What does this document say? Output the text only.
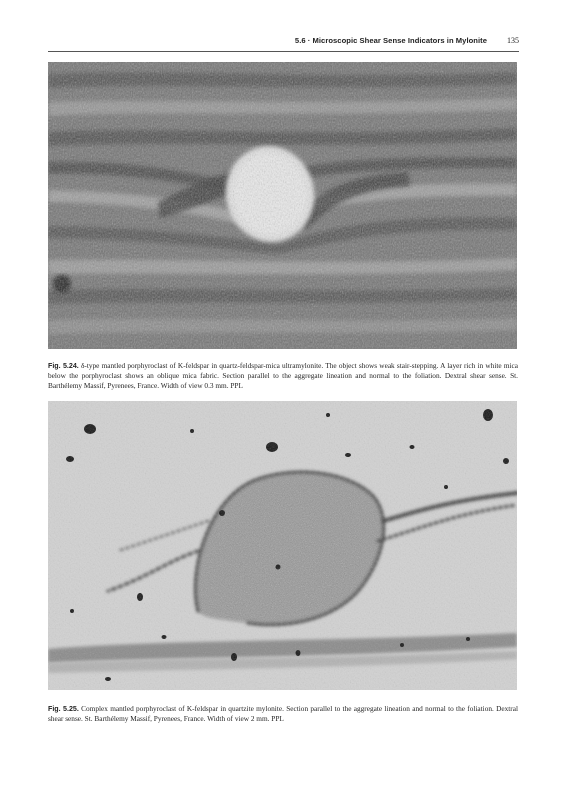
5.6 · Microscopic Shear Sense Indicators in Mylonite	135

Fig. 5.24. δ-type mantled porphyroclast of K-feldspar in quartz-feldspar-mica ultramylonite. The object shows weak stair-stepping. A layer rich in white mica below the porphyroclast shows an oblique mica fabric. Section parallel to the aggregate lineation and normal to the foliation. Dextral shear sense. St. Barthélemy Massif, Pyrenees, France. Width of view 0.3 mm. PPL

Fig. 5.25. Complex mantled porphyroclast of K-feldspar in quartzite mylonite. Section parallel to the aggregate lineation and normal to the foliation. Dextral shear sense. St. Barthélemy Massif, Pyrenees, France. Width of view 2 mm. PPL
